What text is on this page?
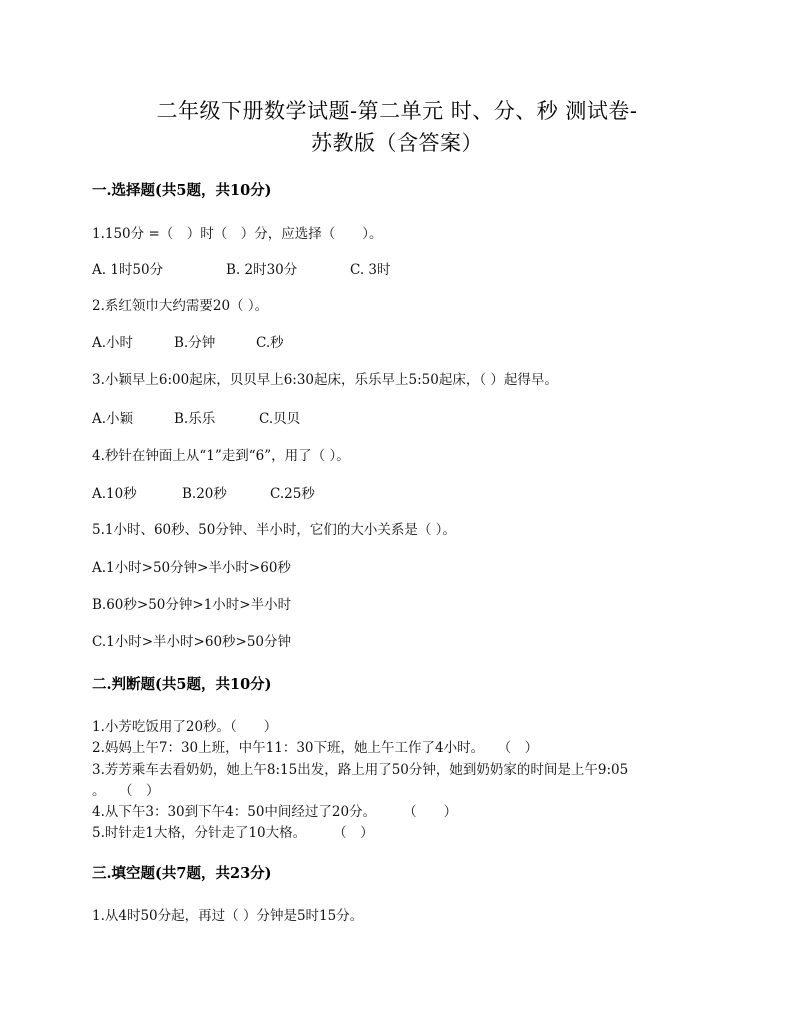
二年级下册数学试题-第二单元 时、分、秒 测试卷-
苏教版（含答案）
一.选择题(共5题，共10分)
1.150分 =（　）时（　）分，应选择（　　）。
A. 1时50分	B. 2时30分	C. 3时
2.系红领巾大约需要20（ ）。
A.小时	B.分钟	C.秒
3.小颖早上6:00起床，贝贝早上6:30起床，乐乐早上5:50起床，（ ）起得早。
A.小颖	B.乐乐	C.贝贝
4.秒针在钟面上从“1”走到“6”，用了（ ）。
A.10秒	B.20秒	C.25秒
5.1小时、60秒、50分钟、半小时，它们的大小关系是（ ）。
A.1小时>50分钟>半小时>60秒
B.60秒>50分钟>1小时>半小时
C.1小时>半小时>60秒>50分钟
二.判断题(共5题，共10分)
1.小芳吃饭用了20秒。（　　）
2.妈妈上午7：30上班，中午11：30下班，她上午工作了4小时。　　（　）
3.芳芳乘车去看奶奶，她上午8:15出发，路上用了50分钟，她到奶奶家的时间是上午9:05
。　　（　）
4.从下午3：30到下午4：50中间经过了20分。　　　（　　）
5.时针走1大格，分针走了10大格。　　　（　）
三.填空题(共7题，共23分)
1.从4时50分起，再过（ ）分钟是5时15分。
